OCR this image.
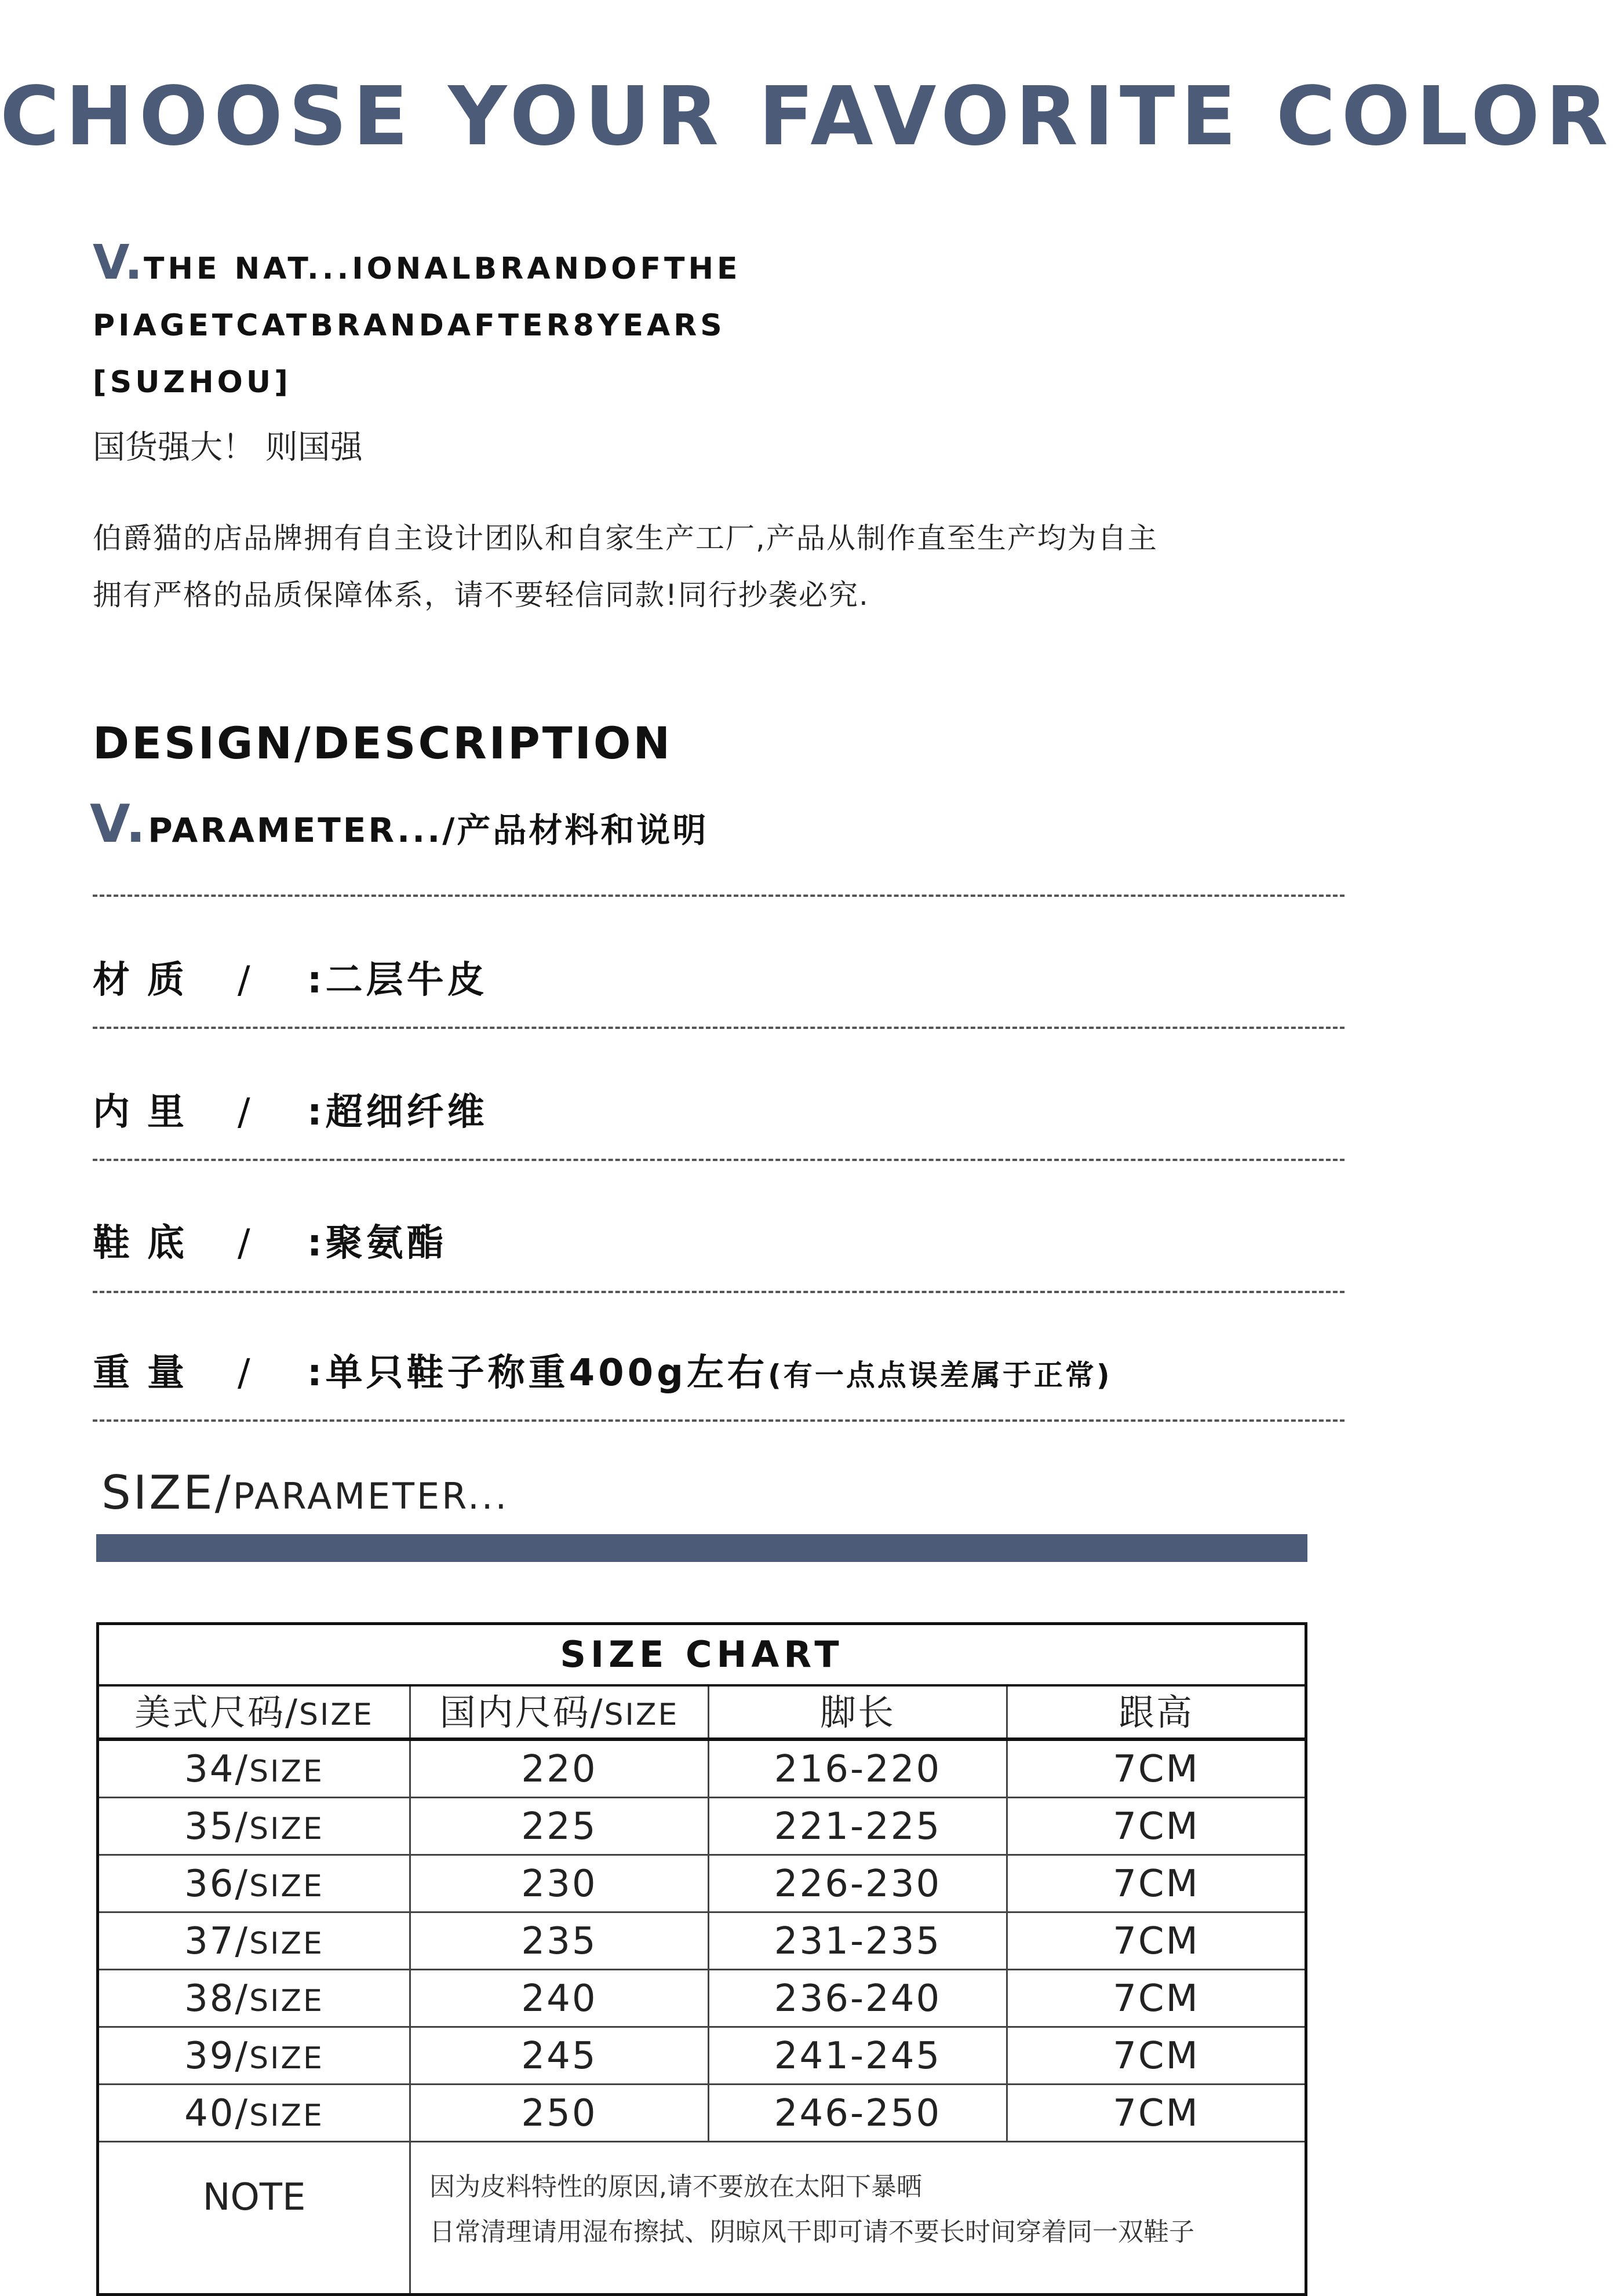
CHOOSE YOUR FAVORITE COLOR
V.THE NAT...IONALBRANDOFTHE
PIAGETCATBRANDAFTER8YEARS
[SUZHOU]
国货强大！ 则国强
伯爵猫的店品牌拥有自主设计团队和自家生产工厂,产品从制作直至生产均为自主
拥有严格的品质保障体系，请不要轻信同款!同行抄袭必究.
DESIGN/DESCRIPTION
V.PARAMETER.../产品材料和说明
材质 /	:二层牛皮
内里 /	:超细纤维
鞋底 /	:聚氨酯
重量 /	:单只鞋子称重400g左右 (有一点点误差属于正常)
SIZE/PARAMETER...
SIZE CHART
美式尺码/SIZE	国内尺码/SIZE	脚长	跟高
34/SIZE	220	216-220	7CM
35/SIZE	225	221-225	7CM
36/SIZE	230	226-230	7CM
37/SIZE	235	231-235	7CM
38/SIZE	240	236-240	7CM
39/SIZE	245	241-245	7CM
40/SIZE	250	246-250	7CM
NOTE	因为皮料特性的原因,请不要放在太阳下暴晒
日常清理请用湿布擦拭、阴晾风干即可请不要长时间穿着同一双鞋子
